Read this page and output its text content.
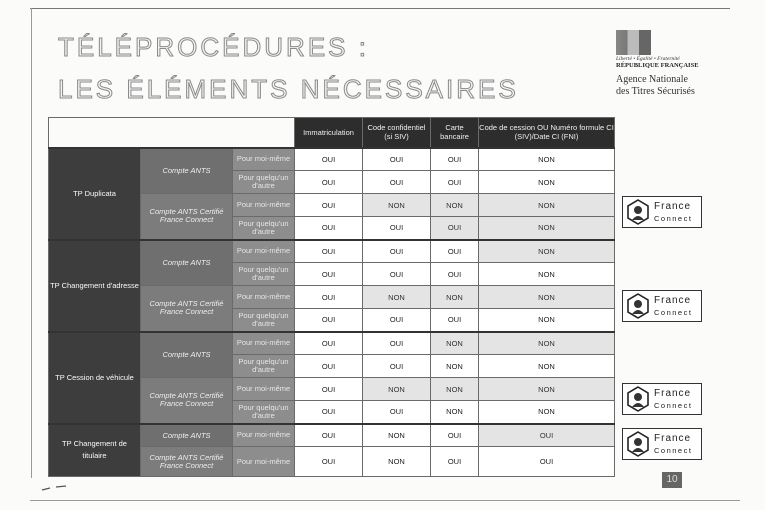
TÉLÉPROCÉDURES :
LES ÉLÉMENTS NÉCESSAIRES
Liberté • Égalité • Fraternité
RÉPUBLIQUE FRANÇAISE
Agence Nationale
des Titres Sécurisés
			Immatriculation	Code confidentiel (si SIV)	Carte bancaire	Code de cession OU Numéro formule CI (SIV)/Date CI (FNI)
TP Duplicata	Compte ANTS	Pour moi-même	OUI	OUI	OUI	NON
		Pour quelqu'un d'autre	OUI	OUI	OUI	NON
	Compte ANTS Certifié France Connect	Pour moi-même	OUI	NON	NON	NON
		Pour quelqu'un d'autre	OUI	OUI	OUI	NON
TP Changement d'adresse	Compte ANTS	Pour moi-même	OUI	OUI	OUI	NON
		Pour quelqu'un d'autre	OUI	OUI	OUI	NON
	Compte ANTS Certifié France Connect	Pour moi-même	OUI	NON	NON	NON
		Pour quelqu'un d'autre	OUI	OUI	OUI	NON
TP Cession de véhicule	Compte ANTS	Pour moi-même	OUI	OUI	NON	NON
		Pour quelqu'un d'autre	OUI	OUI	NON	NON
	Compte ANTS Certifié France Connect	Pour moi-même	OUI	NON	NON	NON
		Pour quelqu'un d'autre	OUI	OUI	NON	NON
TP Changement de titulaire	Compte ANTS	Pour moi-même	OUI	NON	OUI	OUI
	Compte ANTS Certifié France Connect	Pour moi-même	OUI	NON	OUI	OUI
France
Connect
France
Connect
France
Connect
France
Connect
10
